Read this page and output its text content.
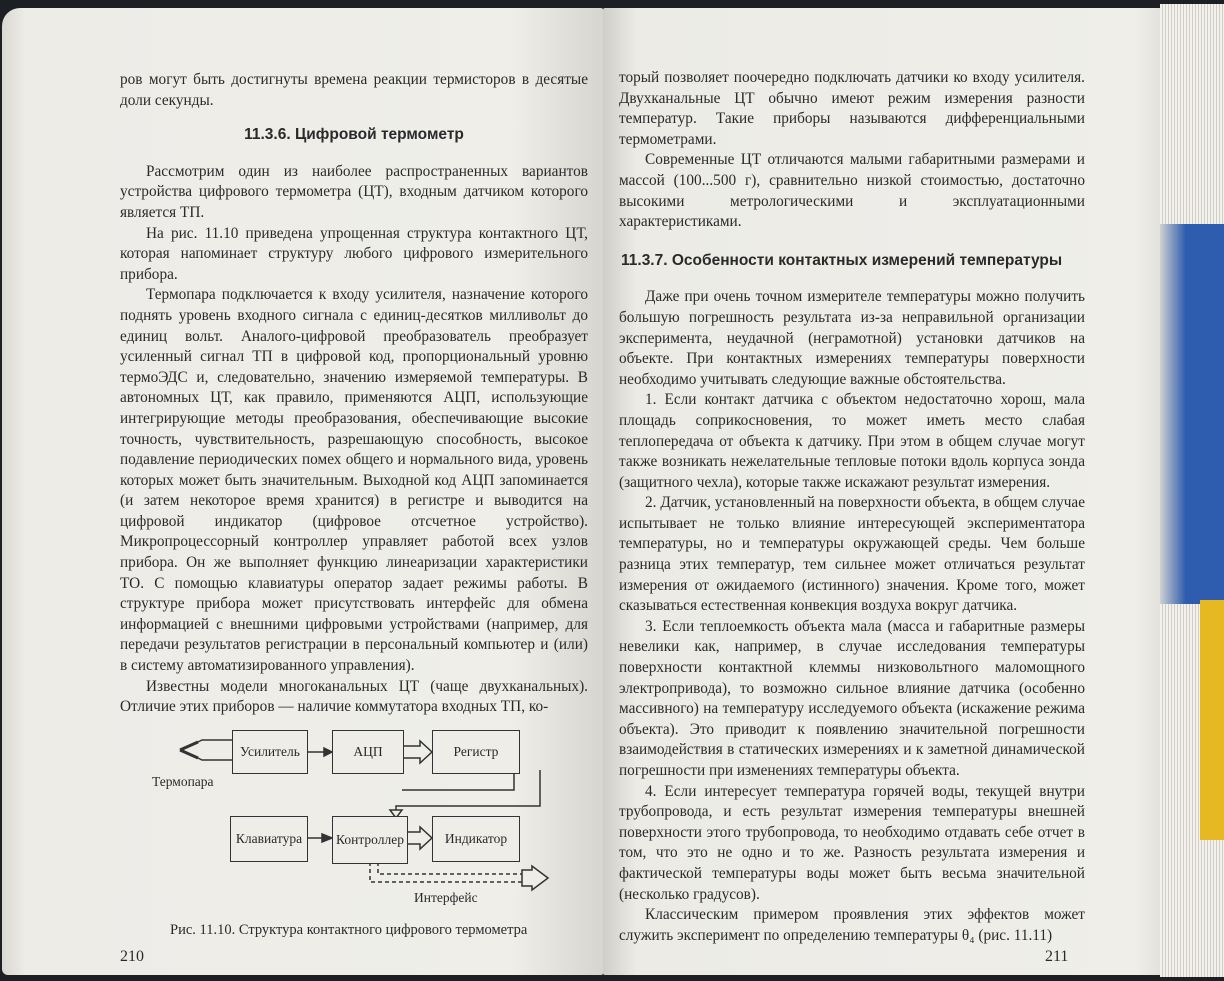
ров могут быть достигнуты времена реакции термисторов в десятые доли секунды.

11.3.6. Цифровой термометр

Рассмотрим один из наиболее распространенных вариантов устройства цифрового термометра (ЦТ), входным датчиком которого является ТП.

На рис. 11.10 приведена упрощенная структура контактного ЦТ, которая напоминает структуру любого цифрового измерительного прибора.

Термопара подключается к входу усилителя, назначение которого поднять уровень входного сигнала с единиц-десятков милливольт до единиц вольт. Аналого-цифровой преобразователь преобразует усиленный сигнал ТП в цифровой код, пропорциональный уровню термоЭДС и, следовательно, значению измеряемой температуры. В автономных ЦТ, как правило, применяются АЦП, использующие интегрирующие методы преобразования, обеспечивающие высокие точность, чувствительность, разрешающую способность, высокое подавление периодических помех общего и нормального вида, уровень которых может быть значительным. Выходной код АЦП запоминается (и затем некоторое время хранится) в регистре и выводится на цифровой индикатор (цифровое отсчетное устройство). Микропроцессорный контроллер управляет работой всех узлов прибора. Он же выполняет функцию линеаризации характеристики ТО. С помощью клавиатуры оператор задает режимы работы. В структуре прибора может присутствовать интерфейс для обмена информацией с внешними цифровыми устройствами (например, для передачи результатов регистрации в персональный компьютер и (или) в систему автоматизированного управления).

Известны модели многоканальных ЦТ (чаще двухканальных). Отличие этих приборов — наличие коммутатора входных ТП, ко-

Усилитель	АЦП	Регистр
Клавиатура	Контроллер	Индикатор
Термопара
Интерфейс
Рис. 11.10. Структура контактного цифрового термометра
210

торый позволяет поочередно подключать датчики ко входу усилителя. Двухканальные ЦТ обычно имеют режим измерения разности температур. Такие приборы называются дифференциальными термометрами.

Современные ЦТ отличаются малыми габаритными размерами и массой (100...500 г), сравнительно низкой стоимостью, достаточно высокими метрологическими и эксплуатационными характеристиками.

11.3.7. Особенности контактных измерений температуры

Даже при очень точном измерителе температуры можно получить большую погрешность результата из-за неправильной организации эксперимента, неудачной (неграмотной) установки датчиков на объекте. При контактных измерениях температуры поверхности необходимо учитывать следующие важные обстоятельства.

1. Если контакт датчика с объектом недостаточно хорош, мала площадь соприкосновения, то может иметь место слабая теплопередача от объекта к датчику. При этом в общем случае могут также возникать нежелательные тепловые потоки вдоль корпуса зонда (защитного чехла), которые также искажают результат измерения.

2. Датчик, установленный на поверхности объекта, в общем случае испытывает не только влияние интересующей экспериментатора температуры, но и температуры окружающей среды. Чем больше разница этих температур, тем сильнее может отличаться результат измерения от ожидаемого (истинного) значения. Кроме того, может сказываться естественная конвекция воздуха вокруг датчика.

3. Если теплоемкость объекта мала (масса и габаритные размеры невелики как, например, в случае исследования температуры поверхности контактной клеммы низковольтного маломощного электропривода), то возможно сильное влияние датчика (особенно массивного) на температуру исследуемого объекта (искажение режима объекта). Это приводит к появлению значительной погрешности взаимодействия в статических измерениях и к заметной динамической погрешности при изменениях температуры объекта.

4. Если интересует температура горячей воды, текущей внутри трубопровода, и есть результат измерения температуры внешней поверхности этого трубопровода, то необходимо отдавать себе отчет в том, что это не одно и то же. Разность результата измерения и фактической температуры воды может быть весьма значительной (несколько градусов).

Классическим примером проявления этих эффектов может служить эксперимент по определению температуры θ₄ (рис. 11.11)

211
